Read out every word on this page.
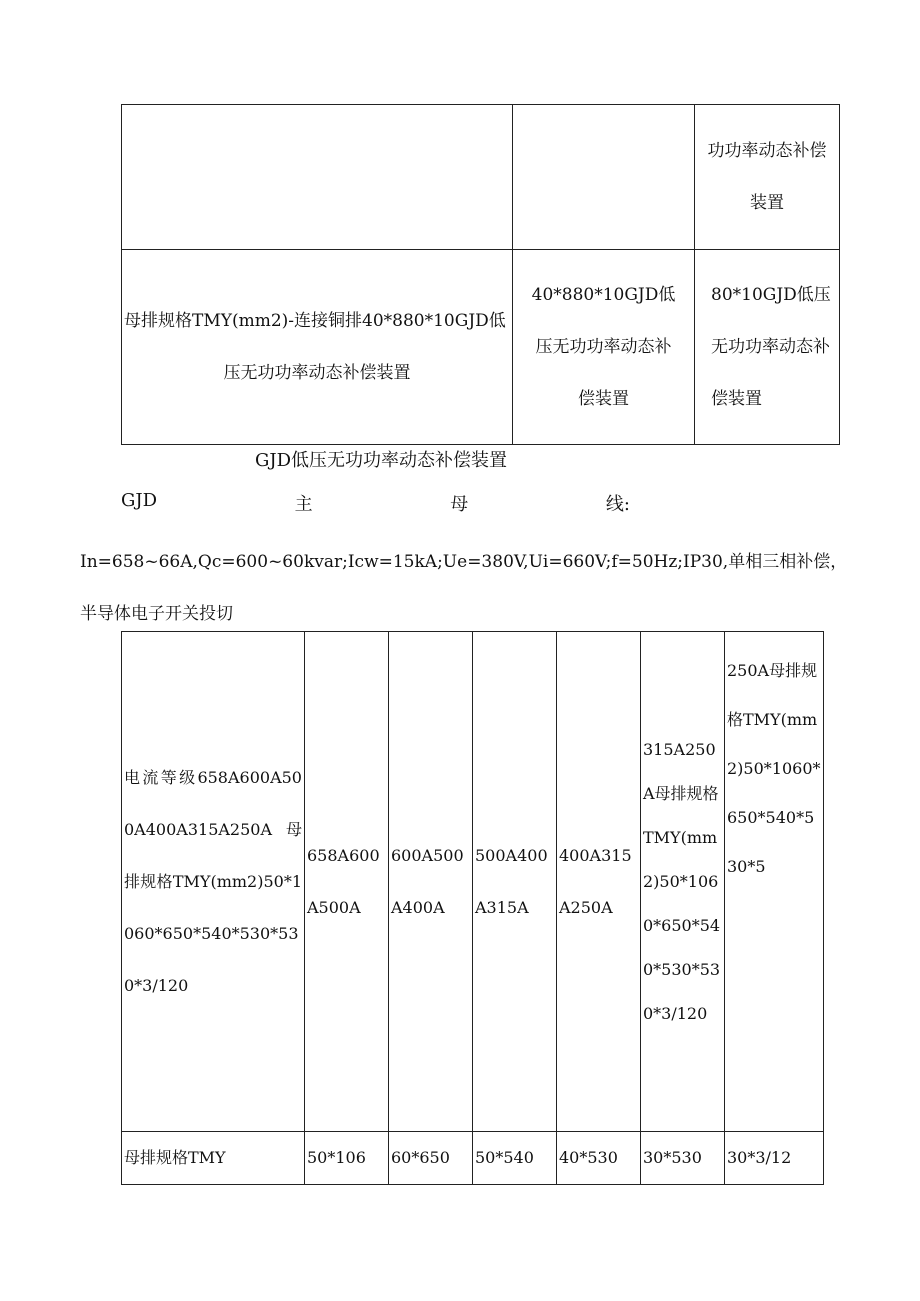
		功功率动态补偿装置
母排规格TMY(mm2)-连接铜排40*880*10GJD低压无功功率动态补偿装置	40*880*10GJD低压无功功率动态补偿装置	80*10GJD低压无功功率动态补偿装置
GJD低压无功功率动态补偿装置
GJD	主	母	线:
In=658~66A,Qc=600~60kvar;Icw=15kA;Ue=380V,Ui=660V;f=50Hz;IP30,单相三相补偿，半导体电子开关投切
电流等级658A600A500A400A315A250A母排规格TMY(mm2)50*1060*650*540*530*530*3/120	658A600A500A	600A500A400A	500A400A315A	400A315A250A	315A250A母排规格TMY(mm2)50*1060*650*540*530*530*3/120	250A母排规格TMY(mm2)50*1060*650*540*530*5
母排规格TMY	50*106	60*650	50*540	40*530	30*530	30*3/12
